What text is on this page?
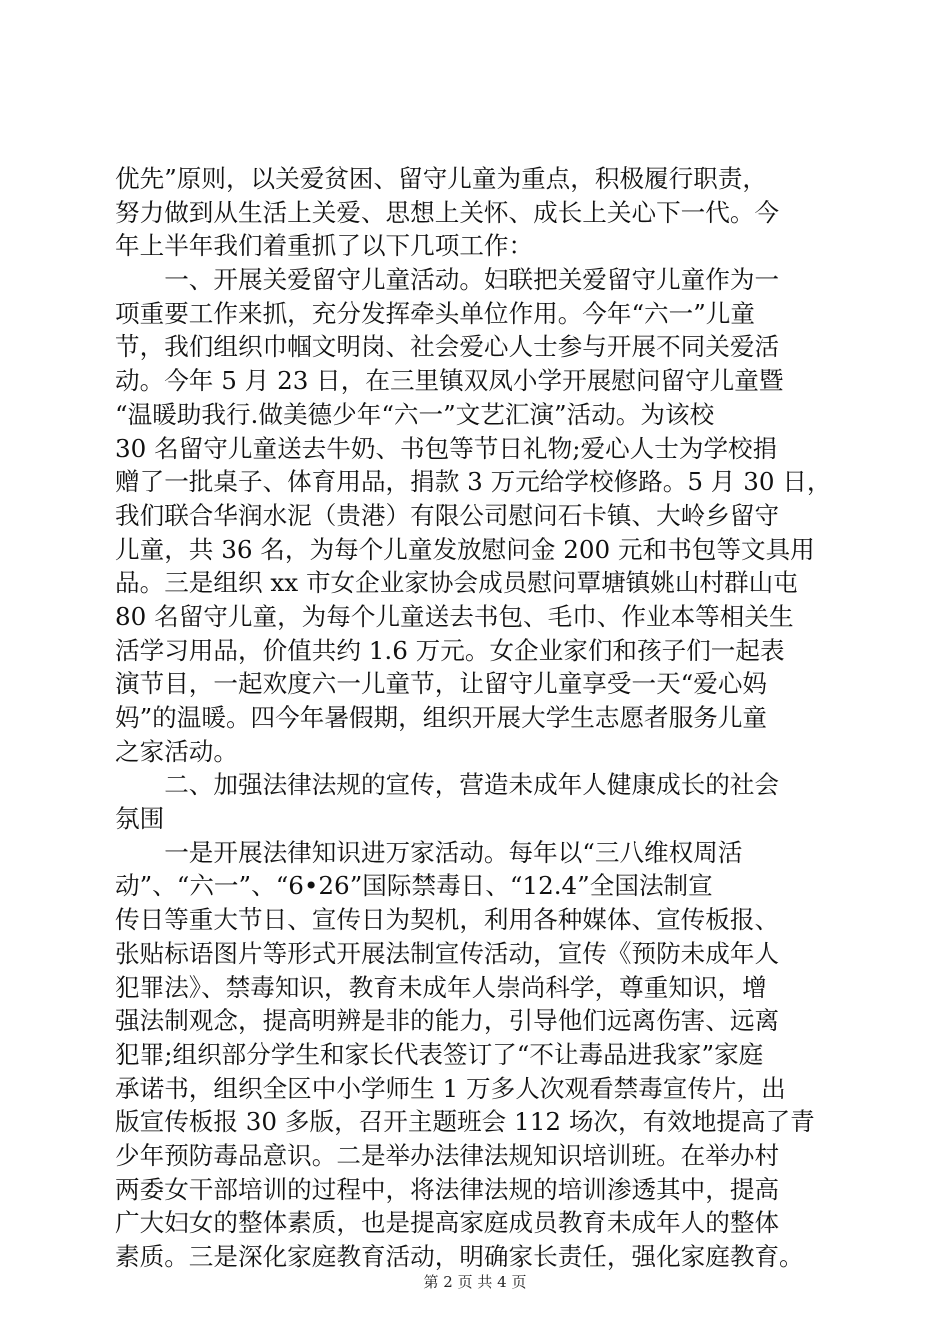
优先”原则，以关爱贫困、留守儿童为重点，积极履行职责，
努力做到从生活上关爱、思想上关怀、成长上关心下一代。今
年上半年我们着重抓了以下几项工作：
　　一、开展关爱留守儿童活动。妇联把关爱留守儿童作为一
项重要工作来抓，充分发挥牵头单位作用。今年“六一”儿童
节，我们组织巾帼文明岗、社会爱心人士参与开展不同关爱活
动。今年 5 月 23 日，在三里镇双凤小学开展慰问留守儿童暨
“温暖助我行.做美德少年“六一”文艺汇演”活动。为该校
30 名留守儿童送去牛奶、书包等节日礼物;爱心人士为学校捐
赠了一批桌子、体育用品，捐款 3 万元给学校修路。5 月 30 日，
我们联合华润水泥（贵港）有限公司慰问石卡镇、大岭乡留守
儿童，共 36 名，为每个儿童发放慰问金 200 元和书包等文具用
品。三是组织 xx 市女企业家协会成员慰问覃塘镇姚山村群山屯
80 名留守儿童，为每个儿童送去书包、毛巾、作业本等相关生
活学习用品，价值共约 1.6 万元。女企业家们和孩子们一起表
演节目，一起欢度六一儿童节，让留守儿童享受一天“爱心妈
妈”的温暖。四今年暑假期，组织开展大学生志愿者服务儿童
之家活动。
　　二、加强法律法规的宣传，营造未成年人健康成长的社会
氛围
　　一是开展法律知识进万家活动。每年以“三八维权周活
动”、“六一”、“6•26”国际禁毒日、“12.4”全国法制宣
传日等重大节日、宣传日为契机，利用各种媒体、宣传板报、
张贴标语图片等形式开展法制宣传活动，宣传《预防未成年人
犯罪法》、禁毒知识，教育未成年人崇尚科学，尊重知识，增
强法制观念，提高明辨是非的能力，引导他们远离伤害、远离
犯罪;组织部分学生和家长代表签订了“不让毒品进我家”家庭
承诺书，组织全区中小学师生 1 万多人次观看禁毒宣传片，出
版宣传板报 30 多版，召开主题班会 112 场次，有效地提高了青
少年预防毒品意识。二是举办法律法规知识培训班。在举办村
两委女干部培训的过程中，将法律法规的培训渗透其中，提高
广大妇女的整体素质，也是提高家庭成员教育未成年人的整体
素质。三是深化家庭教育活动，明确家长责任，强化家庭教育。
第 2 页 共 4 页
